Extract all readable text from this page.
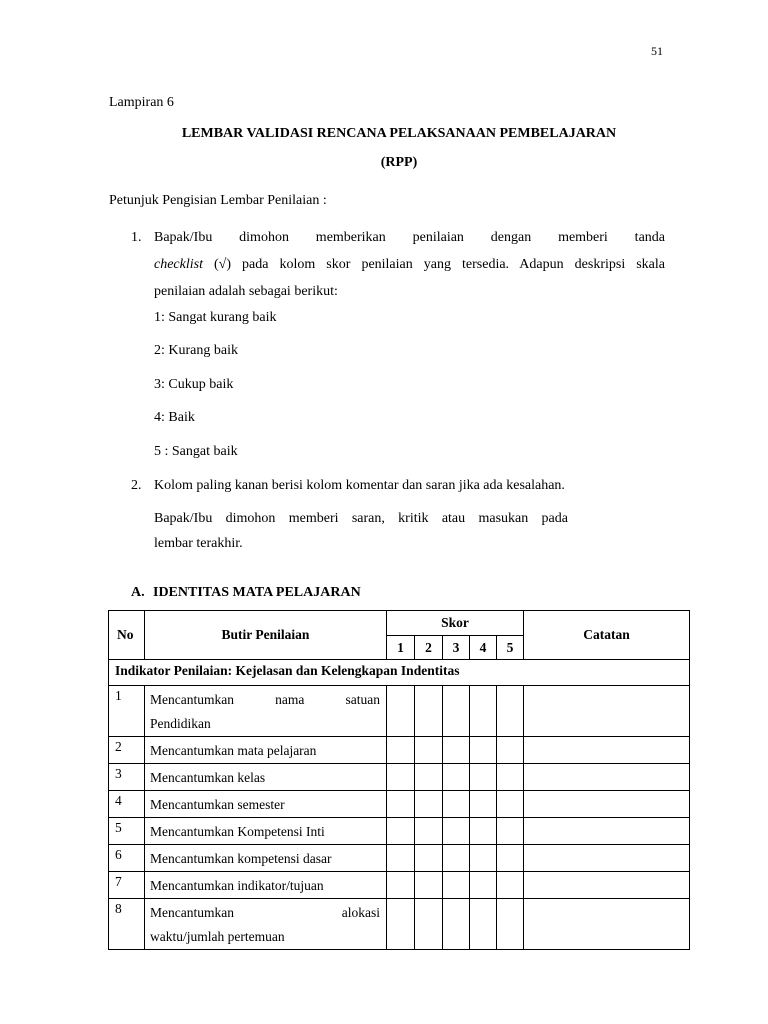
51
Lampiran 6
LEMBAR VALIDASI RENCANA PELAKSANAAN PEMBELAJARAN
(RPP)
Petunjuk Pengisian Lembar Penilaian :
1. Bapak/Ibu dimohon memberikan penilaian dengan memberi tanda
checklist (√) pada kolom skor penilaian yang tersedia. Adapun deskripsi skala
penilaian adalah sebagai berikut:
1: Sangat kurang baik
2: Kurang baik
3: Cukup baik
4: Baik
5 : Sangat baik
2. Kolom paling kanan berisi kolom komentar dan saran jika ada kesalahan.
Bapak/Ibu dimohon memberi saran, kritik atau masukan pada
lembar terakhir.
A. IDENTITAS MATA PELAJARAN
No	Butir Penilaian	Skor					Catatan
		1	2	3	4	5	
Indikator Penilaian: Kejelasan dan Kelengkapan Indentitas							
1	Mencantumkan nama satuan
Pendidikan						

2	Mencantumkan mata pelajaran						
3	Mencantumkan kelas						
4	Mencantumkan semester						
5	Mencantumkan Kompetensi Inti						
6	Mencantumkan kompetensi dasar						
7	Mencantumkan indikator/tujuan						
8	Mencantumkan alokasi
waktu/jumlah pertemuan						
